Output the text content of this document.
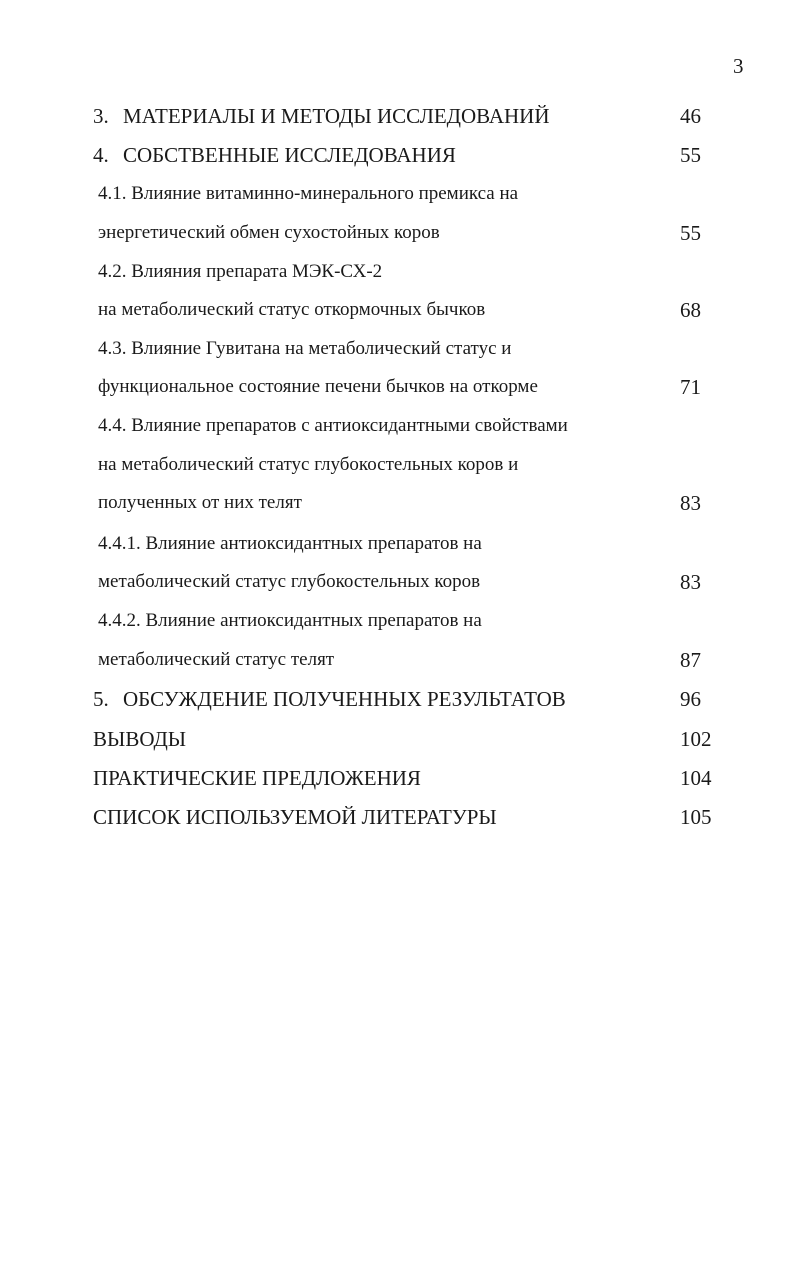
3
3. МАТЕРИАЛЫ И МЕТОДЫ ИССЛЕДОВАНИЙ	46
4. СОБСТВЕННЫЕ ИССЛЕДОВАНИЯ	55
4.1. Влияние витаминно-минерального премикса на
энергетический обмен сухостойных коров	55
4.2. Влияния препарата МЭК-СХ-2
на метаболический статус откормочных бычков	68
4.3. Влияние Гувитана на метаболический статус и
функциональное состояние печени бычков на откорме	71
4.4. Влияние препаратов с антиоксидантными свойствами
на метаболический статус глубокостельных коров и
полученных от них телят	83
4.4.1. Влияние антиоксидантных препаратов на
метаболический статус глубокостельных коров	83
4.4.2. Влияние антиоксидантных препаратов на
метаболический статус телят	87
5. ОБСУЖДЕНИЕ ПОЛУЧЕННЫХ РЕЗУЛЬТАТОВ	96
ВЫВОДЫ	102
ПРАКТИЧЕСКИЕ ПРЕДЛОЖЕНИЯ	104
СПИСОК ИСПОЛЬЗУЕМОЙ ЛИТЕРАТУРЫ	105
